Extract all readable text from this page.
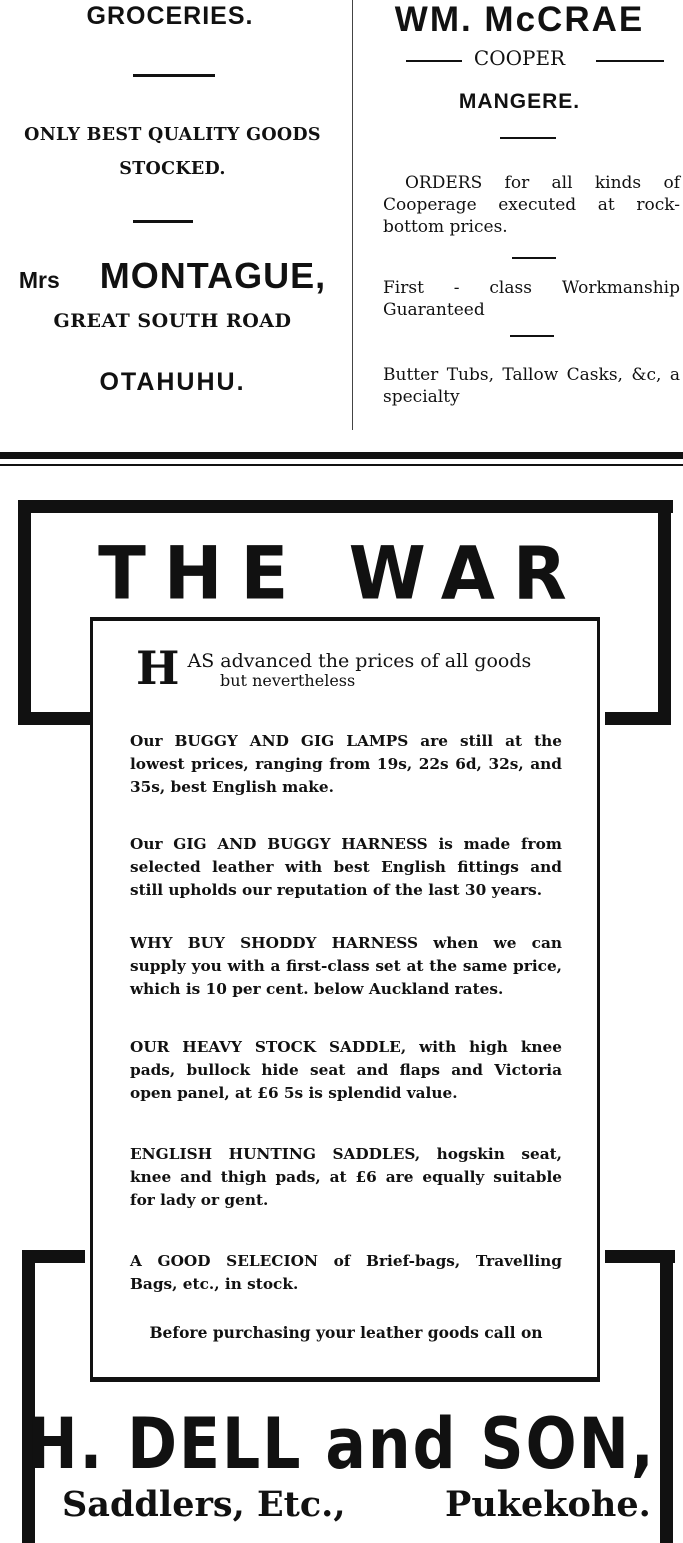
GROCERIES.
ONLY BEST QUALITY GOODS
STOCKED.
Mrs MONTAGUE,
GREAT SOUTH ROAD
OTAHUHU.
WM. McCRAE
COOPER
MANGERE.
ORDERS for all kinds of Cooperage executed at rock-bottom prices.
First - class Workmanship Guaranteed
Butter Tubs, Tallow Casks, &c, a specialty
THE WAR
H AS advanced the prices of all goods
but nevertheless
Our BUGGY AND GIG LAMPS are still at the lowest prices, ranging from 19s, 22s 6d, 32s, and 35s, best English make.
Our GIG AND BUGGY HARNESS is made from selected leather with best English fittings and still upholds our reputation of the last 30 years.
WHY BUY SHODDY HARNESS when we can supply you with a first-class set at the same price, which is 10 per cent. below Auckland rates.
OUR HEAVY STOCK SADDLE, with high knee pads, bullock hide seat and flaps and Victoria open panel, at £6 5s is splendid value.
ENGLISH HUNTING SADDLES, hogskin seat, knee and thigh pads, at £6 are equally suitable for lady or gent.
A GOOD SELECION of Brief-bags, Travelling Bags, etc., in stock.
Before purchasing your leather goods call on
H. DELL and SON,
Saddlers, Etc.,	Pukekohe.
